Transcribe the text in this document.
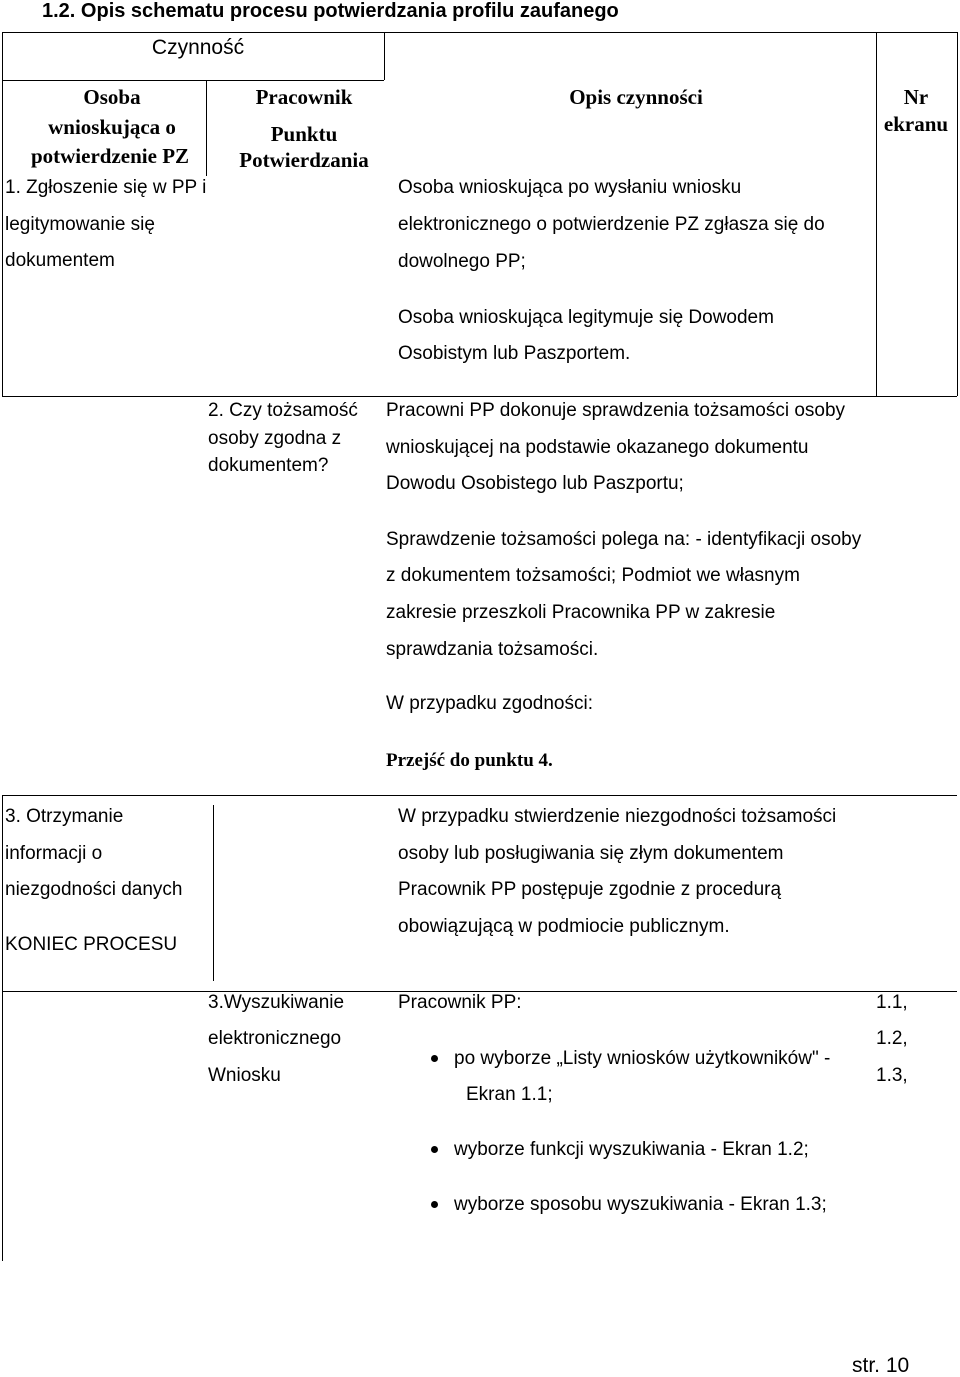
1.2. Opis schematu procesu potwierdzania profilu zaufanego
Czynność
Osoba
wnioskująca o
potwierdzenie PZ
Pracownik
Punktu
Potwierdzania
Opis czynności	Nr
ekranu
1. Zgłoszenie się w PP i
legitymowanie się
dokumentem
Osoba wnioskująca po wysłaniu wniosku
elektronicznego o potwierdzenie PZ zgłasza się do
dowolnego PP;
Osoba wnioskująca legitymuje się Dowodem
Osobistym lub Paszportem.
2. Czy tożsamość
osoby zgodna z
dokumentem?
Pracowni PP dokonuje sprawdzenia tożsamości osoby
wnioskującej na podstawie okazanego dokumentu
Dowodu Osobistego lub Paszportu;
Sprawdzenie tożsamości polega na: - identyfikacji osoby
z dokumentem tożsamości; Podmiot we własnym
zakresie przeszkoli Pracownika PP w zakresie
sprawdzania tożsamości.
W przypadku zgodności:
Przejść do punktu 4.
3. Otrzymanie
informacji o
niezgodności danych
KONIEC PROCESU
W przypadku stwierdzenie niezgodności tożsamości
osoby lub posługiwania się złym dokumentem
Pracownik PP postępuje zgodnie z procedurą
obowiązującą w podmiocie publicznym.
3.Wyszukiwanie
elektronicznego
Wniosku
Pracownik PP:
po wyborze „Listy wniosków użytkowników" -
Ekran 1.1;
wyborze funkcji wyszukiwania - Ekran 1.2;
wyborze sposobu wyszukiwania - Ekran 1.3;
1.1,
1.2,
1.3,
str. 10
